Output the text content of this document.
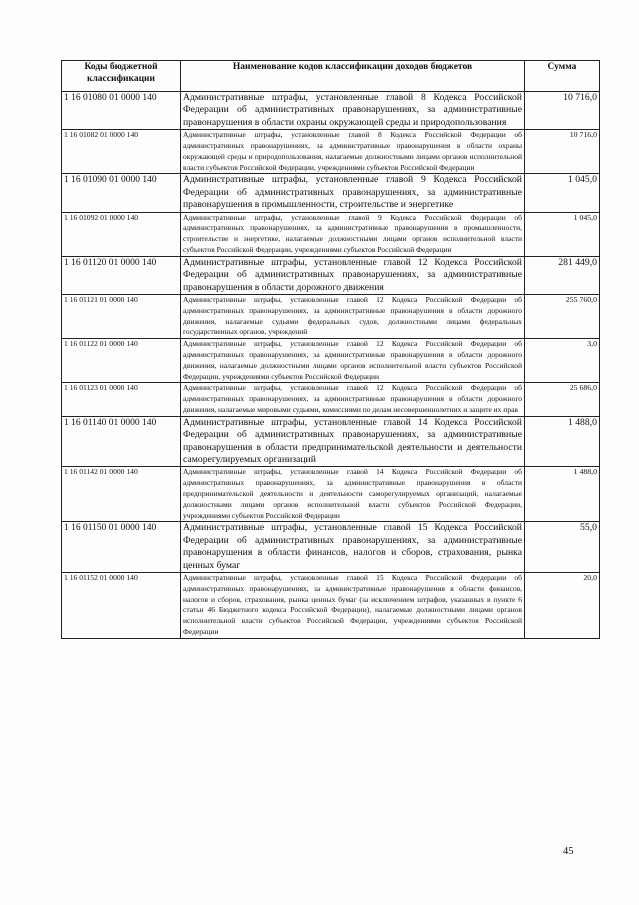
Коды бюджетной классификации	Наименование кодов классификации доходов бюджетов	Сумма
1 16 01080 01 0000 140	Административные штрафы, установленные главой 8 Кодекса Российской Федерации об административных правонарушениях, за административные правонарушения в области охраны окружающей среды и природопользования	10 716,0
1 16 01082 01 0000 140	Административные штрафы, установленные главой 8 Кодекса Российской Федерации об административных правонарушениях, за административные правонарушения в области охраны окружающей среды и природопользования, налагаемые должностными лицами органов исполнительной власти субъектов Российской Федерации, учреждениями субъектов Российской Федерации	10 716,0
1 16 01090 01 0000 140	Административные штрафы, установленные главой 9 Кодекса Российской Федерации об административных правонарушениях, за административные правонарушения в промышленности, строительстве и энергетике	1 045,0
1 16 01092 01 0000 140	Административные штрафы, установленные главой 9 Кодекса Российской Федерации об административных правонарушениях, за административные правонарушения в промышленности, строительстве и энергетике, налагаемые должностными лицами органов исполнительной власти субъектов Российской Федерации, учреждениями субъектов Российской Федерации	1 045,0
1 16 01120 01 0000 140	Административные штрафы, установленные главой 12 Кодекса Российской Федерации об административных правонарушениях, за административные правонарушения в области дорожного движения	281 449,0
1 16 01121 01 0000 140	Административные штрафы, установленные главой 12 Кодекса Российской Федерации об административных правонарушениях, за административные правонарушения в области дорожного движения, налагаемые судьями федеральных судов, должностными лицами федеральных государственных органов, учреждений	255 760,0
1 16 01122 01 0000 140	Административные штрафы, установленные главой 12 Кодекса Российской Федерации об административных правонарушениях, за административные правонарушения в области дорожного движения, налагаемые должностными лицами органов исполнительной власти субъектов Российской Федерации, учреждениями субъектов Российской Федерации	3,0
1 16 01123 01 0000 140	Административные штрафы, установленные главой 12 Кодекса Российской Федерации об административных правонарушениях, за административные правонарушения в области дорожного движения, налагаемые мировыми судьями, комиссиями по делам несовершеннолетних и защите их прав	25 686,0
1 16 01140 01 0000 140	Административные штрафы, установленные главой 14 Кодекса Российской Федерации об административных правонарушениях, за административные правонарушения в области предпринимательской деятельности и деятельности саморегулируемых организаций	1 488,0
1 16 01142 01 0000 140	Административные штрафы, установленные главой 14 Кодекса Российской Федерации об административных правонарушениях, за административные правонарушения в области предпринимательской деятельности и деятельности саморегулируемых организаций, налагаемые должностными лицами органов исполнительной власти субъектов Российской Федерации, учреждениями субъектов Российской Федерации	1 488,0
1 16 01150 01 0000 140	Административные штрафы, установленные главой 15 Кодекса Российской Федерации об административных правонарушениях, за административные правонарушения в области финансов, налогов и сборов, страхования, рынка ценных бумаг	55,0
1 16 01152 01 0000 140	Административные штрафы, установленные главой 15 Кодекса Российской Федерации об административных правонарушениях, за административные правонарушения в области финансов, налогов и сборов, страхования, рынка ценных бумаг (за исключением штрафов, указанных в пункте 6 статьи 46 Бюджетного кодекса Российской Федерации), налагаемые должностными лицами органов исполнительной власти субъектов Российской Федерации, учреждениями субъектов Российской Федерации	20,0
45
